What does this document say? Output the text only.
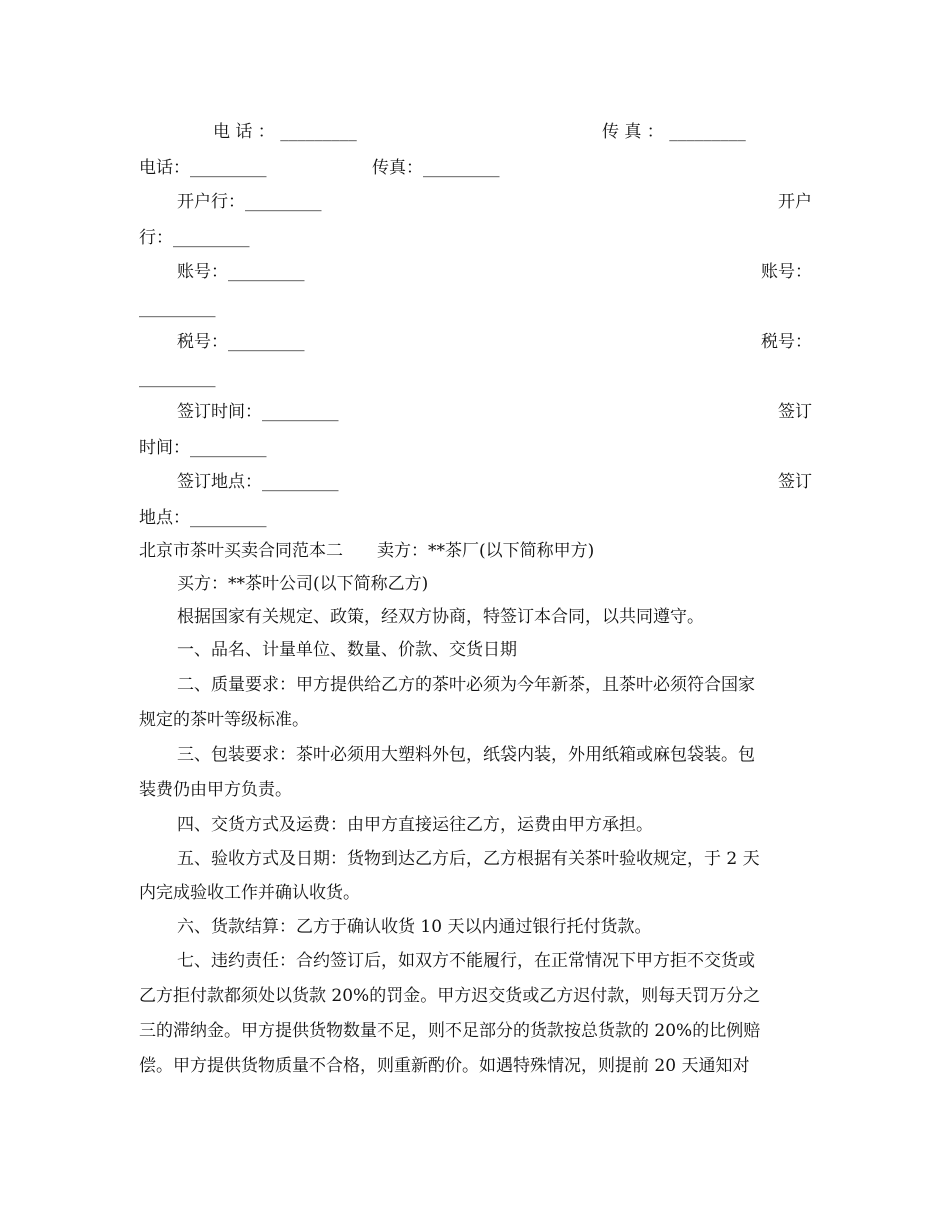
电 话 ： _________	传 真 ： _________
电话：_________	传真：_________
开户行：_________	开户
行：_________
账号：_________	账号：
_________
税号：_________	税号：
_________
签订时间：_________	签订
时间：_________
签订地点：_________	签订
地点：_________
北京市茶叶买卖合同范本二　　卖方：**茶厂(以下简称甲方)
买方：**茶叶公司(以下简称乙方)
根据国家有关规定、政策，经双方协商，特签订本合同，以共同遵守。
一、品名、计量单位、数量、价款、交货日期
二、质量要求：甲方提供给乙方的茶叶必须为今年新茶，且茶叶必须符合国家
规定的茶叶等级标准。
三、包装要求：茶叶必须用大塑料外包，纸袋内装，外用纸箱或麻包袋装。包
装费仍由甲方负责。
四、交货方式及运费：由甲方直接运往乙方，运费由甲方承担。
五、验收方式及日期：货物到达乙方后，乙方根据有关茶叶验收规定，于 2 天
内完成验收工作并确认收货。
六、货款结算：乙方于确认收货 10 天以内通过银行托付货款。
七、违约责任：合约签订后，如双方不能履行，在正常情况下甲方拒不交货或
乙方拒付款都须处以货款 20%的罚金。甲方迟交货或乙方迟付款，则每天罚万分之
三的滞纳金。甲方提供货物数量不足，则不足部分的货款按总货款的 20%的比例赔
偿。甲方提供货物质量不合格，则重新酌价。如遇特殊情况，则提前 20 天通知对
